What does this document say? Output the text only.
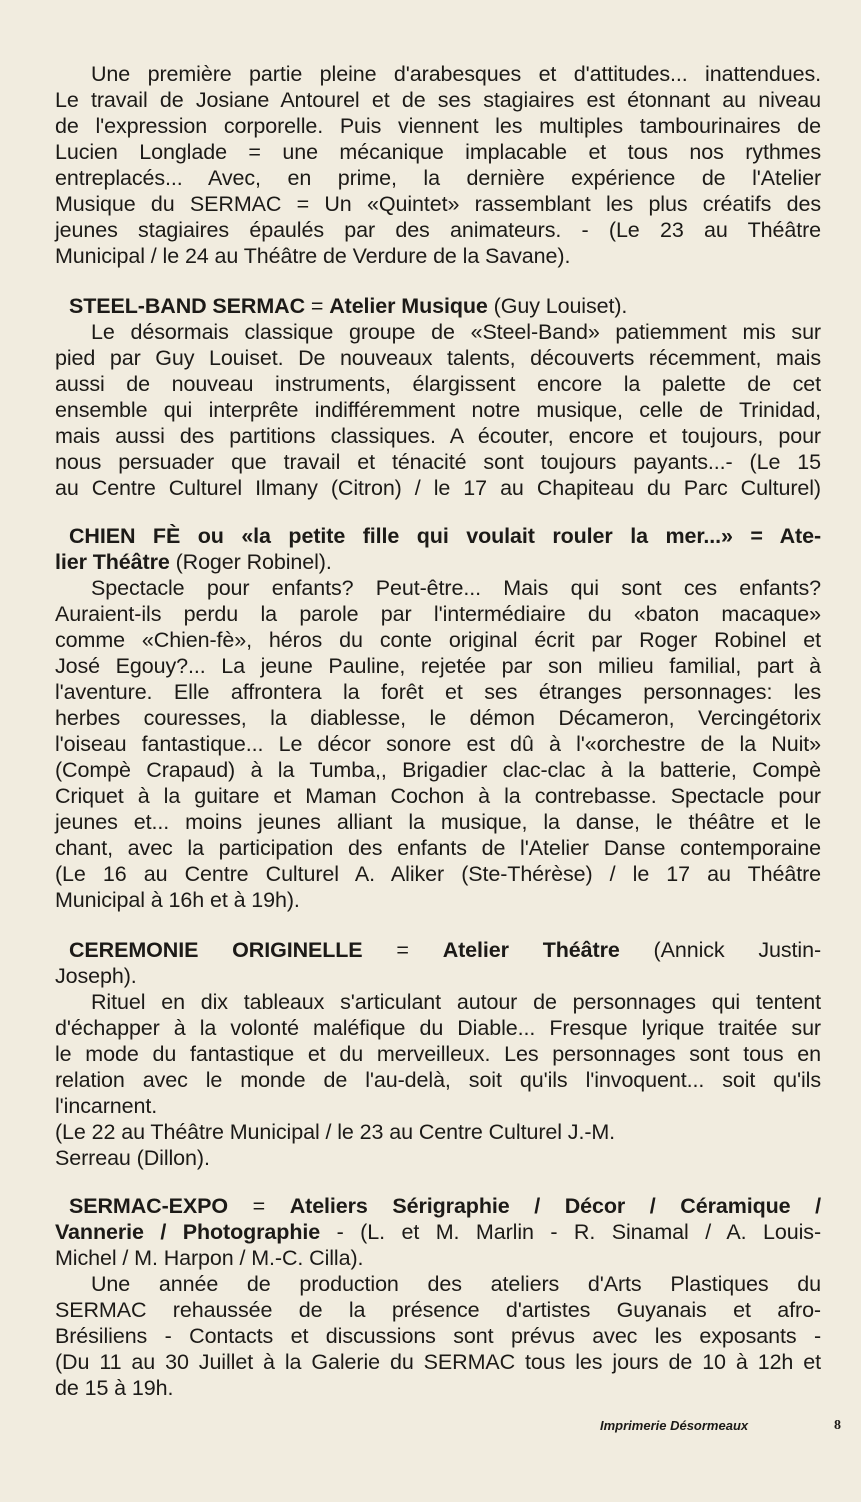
Une première partie pleine d'arabesques et d'attitudes... inattendues.
Le travail de Josiane Antourel et de ses stagiaires est étonnant au niveau
de l'expression corporelle. Puis viennent les multiples tambourinaires de
Lucien Longlade = une mécanique implacable et tous nos rythmes
entreplacés... Avec, en prime, la dernière expérience de l'Atelier
Musique du SERMAC = Un «Quintet» rassemblant les plus créatifs des
jeunes stagiaires épaulés par des animateurs. - (Le 23 au Théâtre
Municipal / le 24 au Théâtre de Verdure de la Savane).
STEEL-BAND SERMAC = Atelier Musique (Guy Louiset).
Le désormais classique groupe de «Steel-Band» patiemment mis sur
pied par Guy Louiset. De nouveaux talents, découverts récemment, mais
aussi de nouveau instruments, élargissent encore la palette de cet
ensemble qui interprête indifféremment notre musique, celle de Trinidad,
mais aussi des partitions classiques. A écouter, encore et toujours, pour
nous persuader que travail et ténacité sont toujours payants...- (Le 15
au Centre Culturel Ilmany (Citron) / le 17 au Chapiteau du Parc Culturel)
CHIEN FÈ ou «la petite fille qui voulait rouler la mer...» = Ate-
lier Théâtre (Roger Robinel).
Spectacle pour enfants? Peut-être... Mais qui sont ces enfants?
Auraient-ils perdu la parole par l'intermédiaire du «baton macaque»
comme «Chien-fè», héros du conte original écrit par Roger Robinel et
José Egouy?... La jeune Pauline, rejetée par son milieu familial, part à
l'aventure. Elle affrontera la forêt et ses étranges personnages: les
herbes couresses, la diablesse, le démon Décameron, Vercingétorix
l'oiseau fantastique... Le décor sonore est dû à l'«orchestre de la Nuit»
(Compè Crapaud) à la Tumba,, Brigadier clac-clac à la batterie, Compè
Criquet à la guitare et Maman Cochon à la contrebasse. Spectacle pour
jeunes et... moins jeunes alliant la musique, la danse, le théâtre et le
chant, avec la participation des enfants de l'Atelier Danse contemporaine
(Le 16 au Centre Culturel A. Aliker (Ste-Thérèse) / le 17 au Théâtre
Municipal à 16h et à 19h).
CEREMONIE ORIGINELLE = Atelier Théâtre (Annick Justin-
Joseph).
Rituel en dix tableaux s'articulant autour de personnages qui tentent
d'échapper à la volonté maléfique du Diable... Fresque lyrique traitée sur
le mode du fantastique et du merveilleux. Les personnages sont tous en
relation avec le monde de l'au-delà, soit qu'ils l'invoquent... soit qu'ils
l'incarnent.
(Le 22 au Théâtre Municipal / le 23 au Centre Culturel J.-M.
Serreau (Dillon).
SERMAC-EXPO = Ateliers Sérigraphie / Décor / Céramique /
Vannerie / Photographie - (L. et M. Marlin - R. Sinamal / A. Louis-
Michel / M. Harpon / M.-C. Cilla).
Une année de production des ateliers d'Arts Plastiques du
SERMAC rehaussée de la présence d'artistes Guyanais et afro-
Brésiliens - Contacts et discussions sont prévus avec les exposants -
(Du 11 au 30 Juillet à la Galerie du SERMAC tous les jours de 10 à 12h et
de 15 à 19h.
Imprimerie Désormeaux	8
